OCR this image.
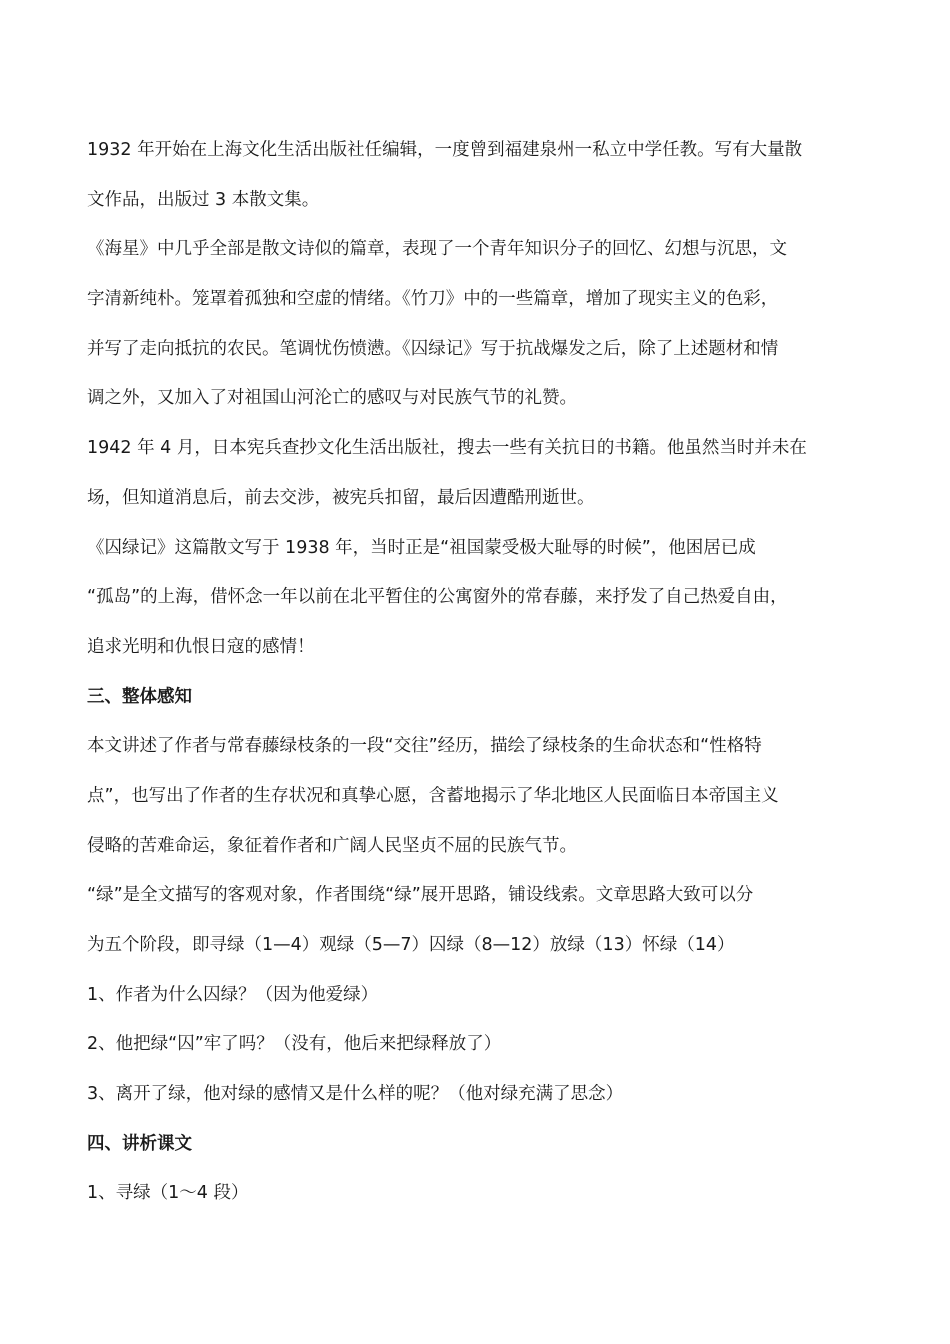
1932 年开始在上海文化生活出版社任编辑，一度曾到福建泉州一私立中学任教。写有大量散
文作品，出版过 3 本散文集。
《海星》中几乎全部是散文诗似的篇章，表现了一个青年知识分子的回忆、幻想与沉思，文
字清新纯朴。笼罩着孤独和空虚的情绪。《竹刀》中的一些篇章，增加了现实主义的色彩，
并写了走向抵抗的农民。笔调忧伤愤懑。《囚绿记》写于抗战爆发之后，除了上述题材和情
调之外，又加入了对祖国山河沦亡的感叹与对民族气节的礼赞。
1942 年 4 月，日本宪兵查抄文化生活出版社，搜去一些有关抗日的书籍。他虽然当时并未在
场，但知道消息后，前去交涉，被宪兵扣留，最后因遭酷刑逝世。
《囚绿记》这篇散文写于 1938 年，当时正是“祖国蒙受极大耻辱的时候”，他困居已成
“孤岛”的上海，借怀念一年以前在北平暂住的公寓窗外的常春藤，来抒发了自己热爱自由，
追求光明和仇恨日寇的感情！
三、整体感知
本文讲述了作者与常春藤绿枝条的一段“交往”经历，描绘了绿枝条的生命状态和“性格特
点”，也写出了作者的生存状况和真挚心愿，含蓄地揭示了华北地区人民面临日本帝国主义
侵略的苦难命运，象征着作者和广阔人民坚贞不屈的民族气节。
“绿”是全文描写的客观对象，作者围绕“绿”展开思路，铺设线索。文章思路大致可以分
为五个阶段，即寻绿（1—4）观绿（5—7）囚绿（8—12）放绿（13）怀绿（14）
1、作者为什么囚绿？（因为他爱绿）
2、他把绿“囚”牢了吗？（没有，他后来把绿释放了）
3、离开了绿，他对绿的感情又是什么样的呢？（他对绿充满了思念）
四、讲析课文
1、寻绿（1～4 段）
